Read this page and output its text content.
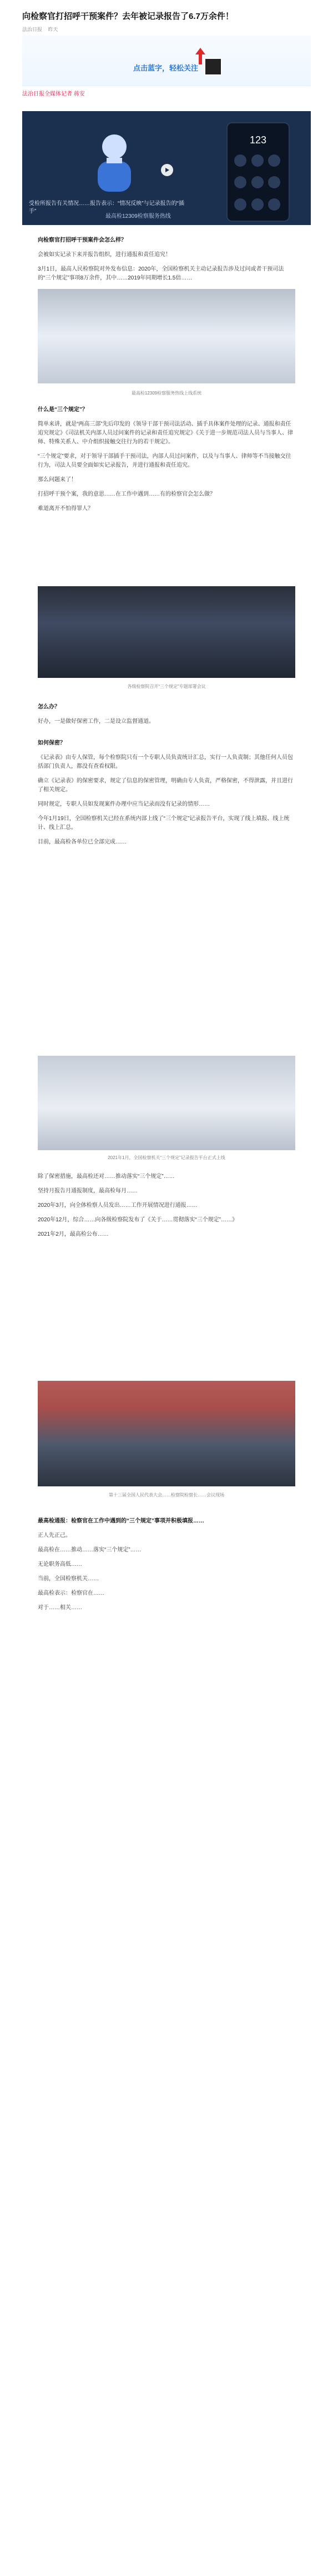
向检察官打招呼干预案件？去年被记录报告了6.7万余件！
法治日报 昨天
点击蓝字，轻松关注
法治日报全媒体记者 蒋安
123
受检所报告有关情况……报告表示：“情况反映”与记录报告的“插手”
最高检12309检察服务热线

向检察官打招呼干预案件会怎么样？

会被如实记录下来并报告组织，进行通报和责任追究！

3月1日，最高人民检察院对外发布信息：2020年，全国检察机关主动记录报告涉及过问或者干预司法的“三个规定”事项8万余件，其中……2019年同期增长1.5倍……

最高检12309检察服务热线上线系统

什么是“三个规定”？

简单来讲，就是“两高三部”先后印发的《领导干部干预司法活动、插手具体案件处理的记录、通报和责任追究规定》《司法机关内部人员过问案件的记录和责任追究规定》《关于进一步规范司法人员与当事人、律师、特殊关系人、中介组织接触交往行为的若干规定》。

“三个规定”要求，对于领导干部插手干预司法，内部人员过问案件，以及与当事人、律师等不当接触交往行为，司法人员要全面如实记录报告，并进行通报和责任追究。

那么问题来了！

打招呼干预个案，我的意思……在工作中遇到……有的检察官会怎么做？

难道离开不怕得罪人？

各级检察院召开“三个规定”专题部署会议

怎么办？

好办，一是做好保密工作，二是设立监督通道。

如何保密？

《记录表》由专人保管，每个检察院只有一个专职人员负责统计汇总，实行一人负责制；其他任何人员包括部门负责人，都没有查看权限。

确立《记录表》的保密要求，规定了信息的保密管理，明确由专人负责，严格保密，不得泄露，并且进行了相关规定。

同时规定，专职人员如发现案件办理中应当记录而没有记录的情形……

今年1月19日，全国检察机关已经在系统内部上线了“三个规定”记录报告平台，实现了线上填报、线上统计、线上汇总。

目前，最高检各单位已全部完成……

2021年1月，全国检察机关“三个规定”记录报告平台正式上线

除了保密措施，最高检还对……推动落实“三个规定”……

坚持月报告月通报制度，最高检每月……

2020年3月，向全体检察人员发出……工作开展情况进行通报……

2020年12月，综合……向各级检察院发布了《关于……贯彻落实“三个规定”……》

2021年2月，最高检公布……

第十三届全国人民代表大会……检察院检察长……会议现场

最高检通报：检察官在工作中遇到的“三个规定”事项并积极填报……

正人先正己。

最高检在……推动……落实“三个规定”……

无论职务高低……

当前，全国检察机关……

最高检表示：检察官在……

对于……相关……
